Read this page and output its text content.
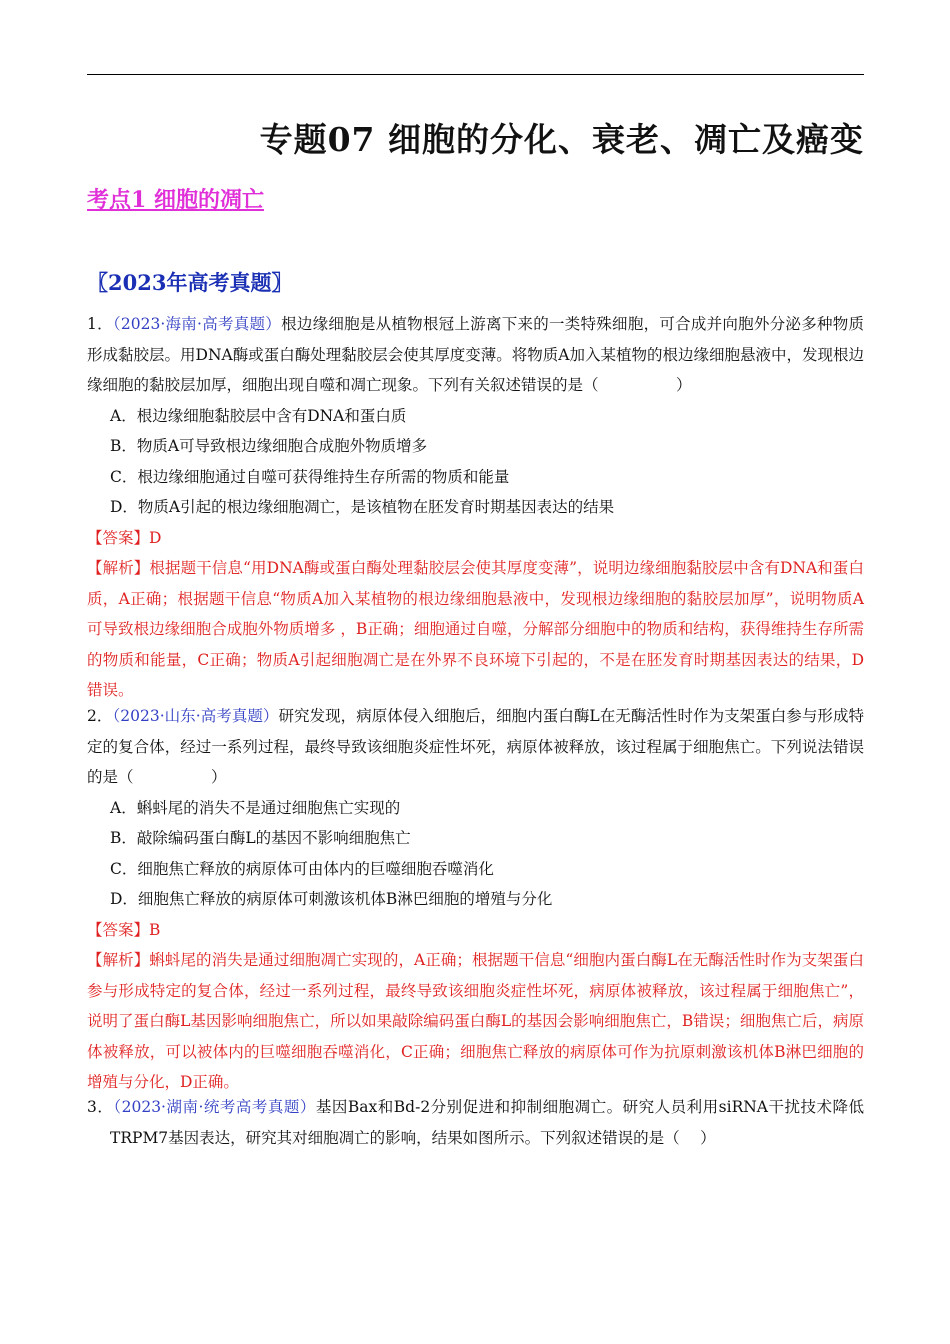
专题07 细胞的分化、衰老、凋亡及癌变
考点1 细胞的凋亡
〖2023年高考真题〗

1．（2023·海南·高考真题）根边缘细胞是从植物根冠上游离下来的一类特殊细胞，可合成并向胞外分泌多种物质形成黏胶层。用DNA酶或蛋白酶处理黏胶层会使其厚度变薄。将物质A加入某植物的根边缘细胞悬液中，发现根边缘细胞的黏胶层加厚，细胞出现自噬和凋亡现象。下列有关叙述错误的是（　　　　　）

A．根边缘细胞黏胶层中含有DNA和蛋白质

B．物质A可导致根边缘细胞合成胞外物质增多

C．根边缘细胞通过自噬可获得维持生存所需的物质和能量

D．物质A引起的根边缘细胞凋亡，是该植物在胚发育时期基因表达的结果

【答案】D

【解析】根据题干信息“用DNA酶或蛋白酶处理黏胶层会使其厚度变薄”，说明边缘细胞黏胶层中含有DNA和蛋白质，A正确；根据题干信息“物质A加入某植物的根边缘细胞悬液中，发现根边缘细胞的黏胶层加厚”，说明物质A可导致根边缘细胞合成胞外物质增多 ，B正确；细胞通过自噬，分解部分细胞中的物质和结构，获得维持生存所需的物质和能量，C正确；物质A引起细胞凋亡是在外界不良环境下引起的，不是在胚发育时期基因表达的结果，D错误。

2．（2023·山东·高考真题）研究发现，病原体侵入细胞后，细胞内蛋白酶L在无酶活性时作为支架蛋白参与形成特定的复合体，经过一系列过程，最终导致该细胞炎症性坏死，病原体被释放，该过程属于细胞焦亡。下列说法错误的是（　　　　　）

A．蝌蚪尾的消失不是通过细胞焦亡实现的

B．敲除编码蛋白酶L的基因不影响细胞焦亡

C．细胞焦亡释放的病原体可由体内的巨噬细胞吞噬消化

D．细胞焦亡释放的病原体可刺激该机体B淋巴细胞的增殖与分化

【答案】B

【解析】蝌蚪尾的消失是通过细胞凋亡实现的，A正确；根据题干信息“细胞内蛋白酶L在无酶活性时作为支架蛋白参与形成特定的复合体，经过一系列过程，最终导致该细胞炎症性坏死，病原体被释放，该过程属于细胞焦亡”，说明了蛋白酶L基因影响细胞焦亡，所以如果敲除编码蛋白酶L的基因会影响细胞焦亡，B错误；细胞焦亡后，病原体被释放，可以被体内的巨噬细胞吞噬消化，C正确；细胞焦亡释放的病原体可作为抗原刺激该机体B淋巴细胞的增殖与分化，D正确。

3．（2023·湖南·统考高考真题）基因Bax和Bd-2分别促进和抑制细胞凋亡。研究人员利用siRNA干扰技术降低TRPM7基因表达，研究其对细胞凋亡的影响，结果如图所示。下列叙述错误的是（　 ）
